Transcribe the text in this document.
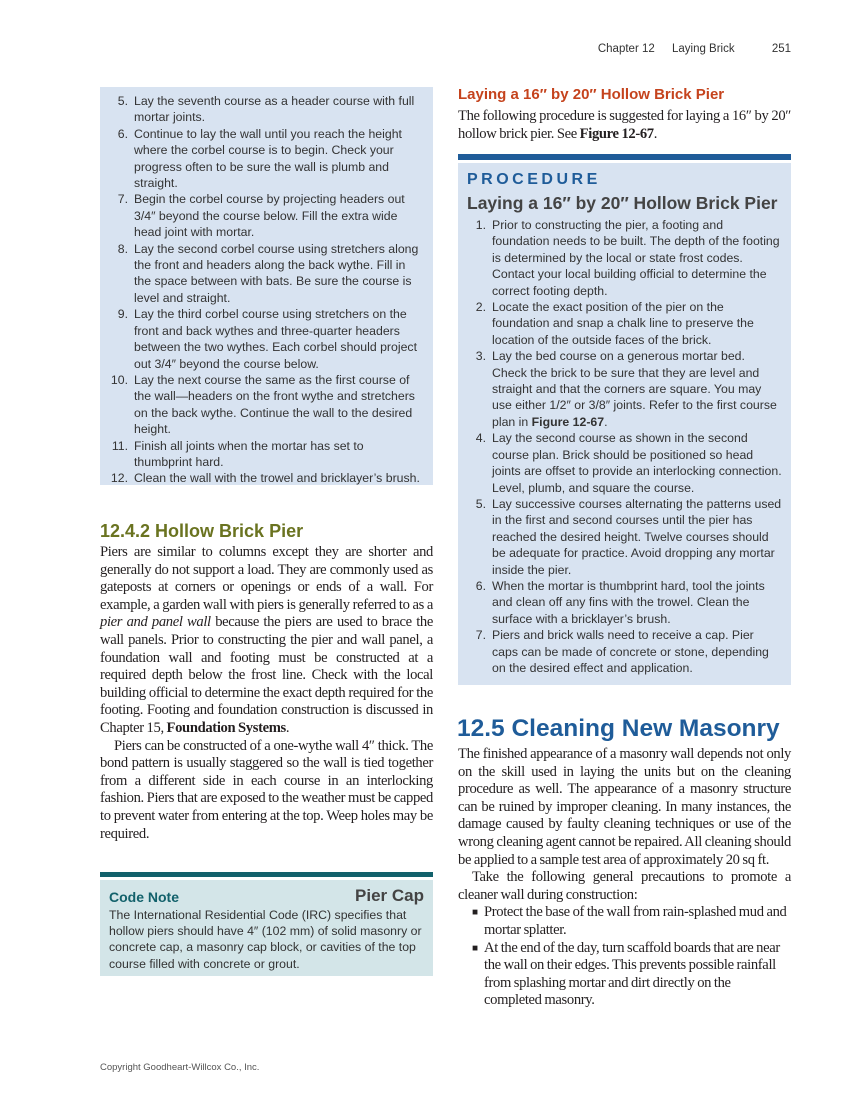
Chapter 12 Laying Brick	251
5. Lay the seventh course as a header course with full mortar joints.
6. Continue to lay the wall until you reach the height where the corbel course is to begin. Check your progress often to be sure the wall is plumb and straight.
7. Begin the corbel course by projecting headers out 3/4″ beyond the course below. Fill the extra wide head joint with mortar.
8. Lay the second corbel course using stretchers along the front and headers along the back wythe. Fill in the space between with bats. Be sure the course is level and straight.
9. Lay the third corbel course using stretchers on the front and back wythes and three-quarter headers between the two wythes. Each corbel should project out 3/4″ beyond the course below.
10. Lay the next course the same as the first course of the wall—headers on the front wythe and stretchers on the back wythe. Continue the wall to the desired height.
11. Finish all joints when the mortar has set to thumbprint hard.
12. Clean the wall with the trowel and bricklayer’s brush.
12.4.2 Hollow Brick Pier

Piers are similar to columns except they are shorter and generally do not support a load. They are commonly used as gateposts at corners or openings or ends of a wall. For example, a garden wall with piers is generally referred to as a pier and panel wall because the piers are used to brace the wall panels. Prior to constructing the pier and wall panel, a foundation wall and footing must be constructed at a required depth below the frost line. Check with the local building official to determine the exact depth required for the footing. Footing and foundation construction is discussed in Chapter 15, Foundation Systems.

Piers can be constructed of a one-wythe wall 4″ thick. The bond pattern is usually staggered so the wall is tied together from a different side in each course in an interlocking fashion. Piers that are exposed to the weather must be capped to prevent water from entering at the top. Weep holes may be required.

Code Note	Pier Cap
The International Residential Code (IRC) specifies that hollow piers should have 4″ (102 mm) of solid masonry or concrete cap, a masonry cap block, or cavities of the top course filled with concrete or grout.
Laying a 16″ by 20″ Hollow Brick Pier

The following procedure is suggested for laying a 16″ by 20″ hollow brick pier. See Figure 12-67.

PROCEDURE
Laying a 16″ by 20″ Hollow Brick Pier
1. Prior to constructing the pier, a footing and foundation needs to be built. The depth of the footing is determined by the local or state frost codes. Contact your local building official to determine the correct footing depth.
2. Locate the exact position of the pier on the foundation and snap a chalk line to preserve the location of the outside faces of the brick.
3. Lay the bed course on a generous mortar bed. Check the brick to be sure that they are level and straight and that the corners are square. You may use either 1/2″ or 3/8″ joints. Refer to the first course plan in Figure 12-67.
4. Lay the second course as shown in the second course plan. Brick should be positioned so head joints are offset to provide an interlocking connection. Level, plumb, and square the course.
5. Lay successive courses alternating the patterns used in the first and second courses until the pier has reached the desired height. Twelve courses should be adequate for practice. Avoid dropping any mortar inside the pier.
6. When the mortar is thumbprint hard, tool the joints and clean off any fins with the trowel. Clean the surface with a bricklayer’s brush.
7. Piers and brick walls need to receive a cap. Pier caps can be made of concrete or stone, depending on the desired effect and application.
12.5 Cleaning New Masonry

The finished appearance of a masonry wall depends not only on the skill used in laying the units but on the cleaning procedure as well. The appearance of a masonry structure can be ruined by improper cleaning. In many instances, the damage caused by faulty cleaning techniques or use of the wrong cleaning agent cannot be repaired. All cleaning should be applied to a sample test area of approximately 20 sq ft.

Take the following general precautions to promote a cleaner wall during construction:

■ Protect the base of the wall from rain-splashed mud and mortar splatter.
■ At the end of the day, turn scaffold boards that are near the wall on their edges. This prevents possible rainfall from splashing mortar and dirt directly on the completed masonry.
Copyright Goodheart-Willcox Co., Inc.
